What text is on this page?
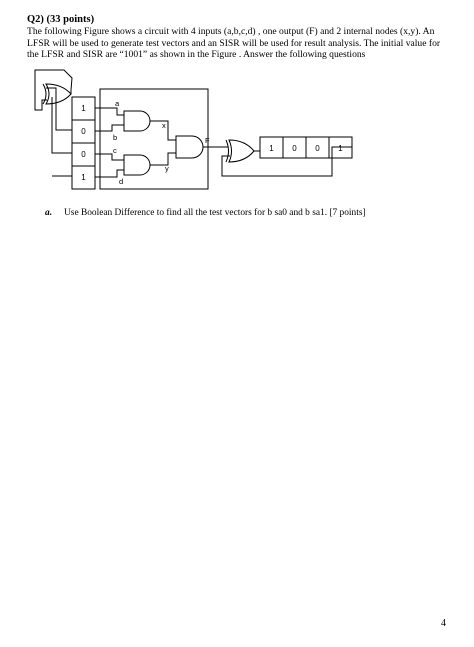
Q2) (33 points)
The following Figure shows a circuit with 4 inputs (a,b,c,d) , one output (F) and 2 internal nodes (x,y). An
LFSR will be used to generate test vectors and an SISR will be used for result analysis. The initial value for
the LFSR and SISR are “1001” as shown in the Figure . Answer the following questions
1
0
0
1
1 0 0 1
a
b
c
d
x
y
F
a. Use Boolean Difference to find all the test vectors for b sa0 and b sa1. [7 points]
4
